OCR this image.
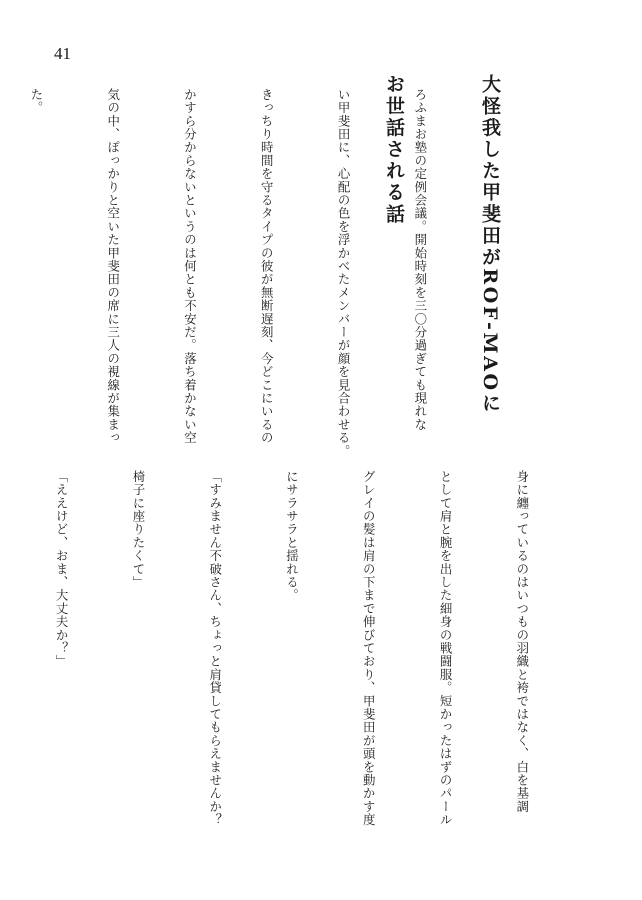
41

大怪我した甲斐田がROF‐MAOに

お世話される話

ろふまお塾の定例会議。開始時刻を三〇分過ぎても現れな

い甲斐田に、心配の色を浮かべたメンバーが顔を見合わせる。

きっちり時間を守るタイプの彼が無断遅刻、今どこにいるの

かすら分からないというのは何とも不安だ。落ち着かない空

気の中、ぽっかりと空いた甲斐田の席に三人の視線が集まっ

た。

身に纏っているのはいつもの羽織と袴ではなく、白を基調

として肩と腕を出した細身の戦闘服。短かったはずのパール

グレイの髪は肩の下まで伸びており、甲斐田が頭を動かす度

にサラサラと揺れる。

「すみません不破さん、ちょっと肩貸してもらえませんか？

椅子に座りたくて」

「ええけど、おま、大丈夫か？」
